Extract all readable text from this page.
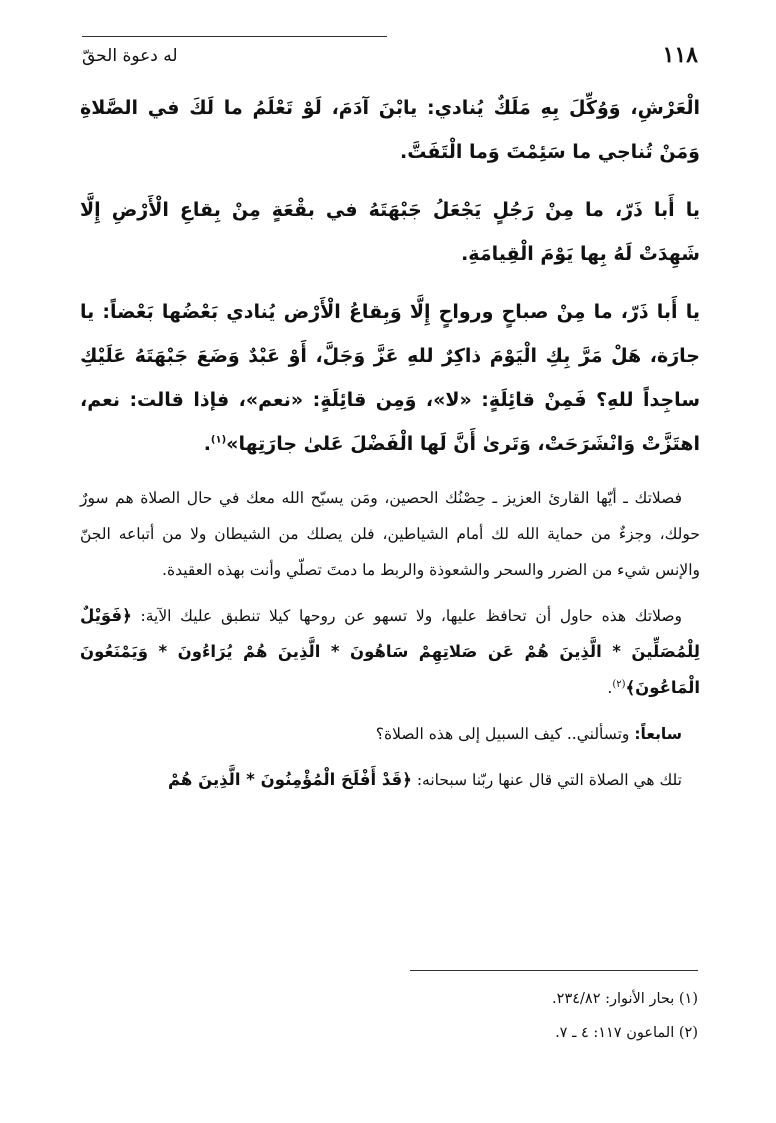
١١٨
له دعوة الحقّ

الْعَرْشِ، وَوُكِّلَ بِهِ مَلَكٌ يُنادي: يابْنَ آدَمَ، لَوْ تَعْلَمُ ما لَكَ في الصَّلاةِ وَمَنْ تُناجي ما سَئِمْتَ وَما الْتَفَتَّ.

يا أَبا ذَرّ، ما مِنْ رَجُلٍ يَجْعَلُ جَبْهَتَهُ في بقْعَةٍ مِنْ بِقاعِ الْأَرْضِ إِلَّا شَهِدَتْ لَهُ بِها يَوْمَ الْقِيامَةِ.

يا أَبا ذَرّ، ما مِنْ صباحٍ ورواحٍ إِلَّا وَبِقاعُ الْأَرْض يُنادي بَعْضُها بَعْضاً: يا جارَة، هَلْ مَرَّ بِكِ الْيَوْمَ ذاكِرٌ للهِ عَزَّ وَجَلَّ، أَوْ عَبْدٌ وَضَعَ جَبْهَتَهُ عَلَيْكِ ساجِداً للهِ؟ فَمِنْ قائِلَةٍ: «لا»، وَمِن قائِلَةٍ: «نعم»، فإذا قالت: نعم، اهتَزَّتْ وَانْشَرَحَتْ، وَتَرىٰ أَنَّ لَها الْفَضْلَ عَلىٰ جارَتِها»$^{(١)}$.

فصلاتك ـ أيّها القارئ العزيز ـ حِصْنُك الحصين، ومَن يسبّح الله معك في حال الصلاة هم سورٌ حولك، وجزءٌ من حماية الله لك أمام الشياطين، فلن يصلك من الشيطان ولا من أتباعه الجنّ والإنس شيء من الضرر والسحر والشعوذة والربط ما دمتَ تصلّي وأنت بهذه العقيدة.

وصلاتك هذه حاول أن تحافظ عليها، ولا تسهو عن روحها كيلا تنطبق عليك الآية: ﴿فَوَيْلٌ لِلْمُصَلِّينَ * الَّذِينَ هُمْ عَن صَلاتِهِمْ سَاهُونَ * الَّذِينَ هُمْ يُرَاءُونَ * وَيَمْنَعُونَ الْمَاعُونَ﴾$^{(٢)}$.

سابعاً: وتسألني.. كيف السبيل إلى هذه الصلاة؟

تلك هي الصلاة التي قال عنها ربّنا سبحانه: ﴿قَدْ أَفْلَحَ الْمُؤْمِنُونَ * الَّذِينَ هُمْ

(١) بحار الأنوار: ٢٣٤/٨٢.

(٢) الماعون ١١٧: ٤ ـ ٧.
